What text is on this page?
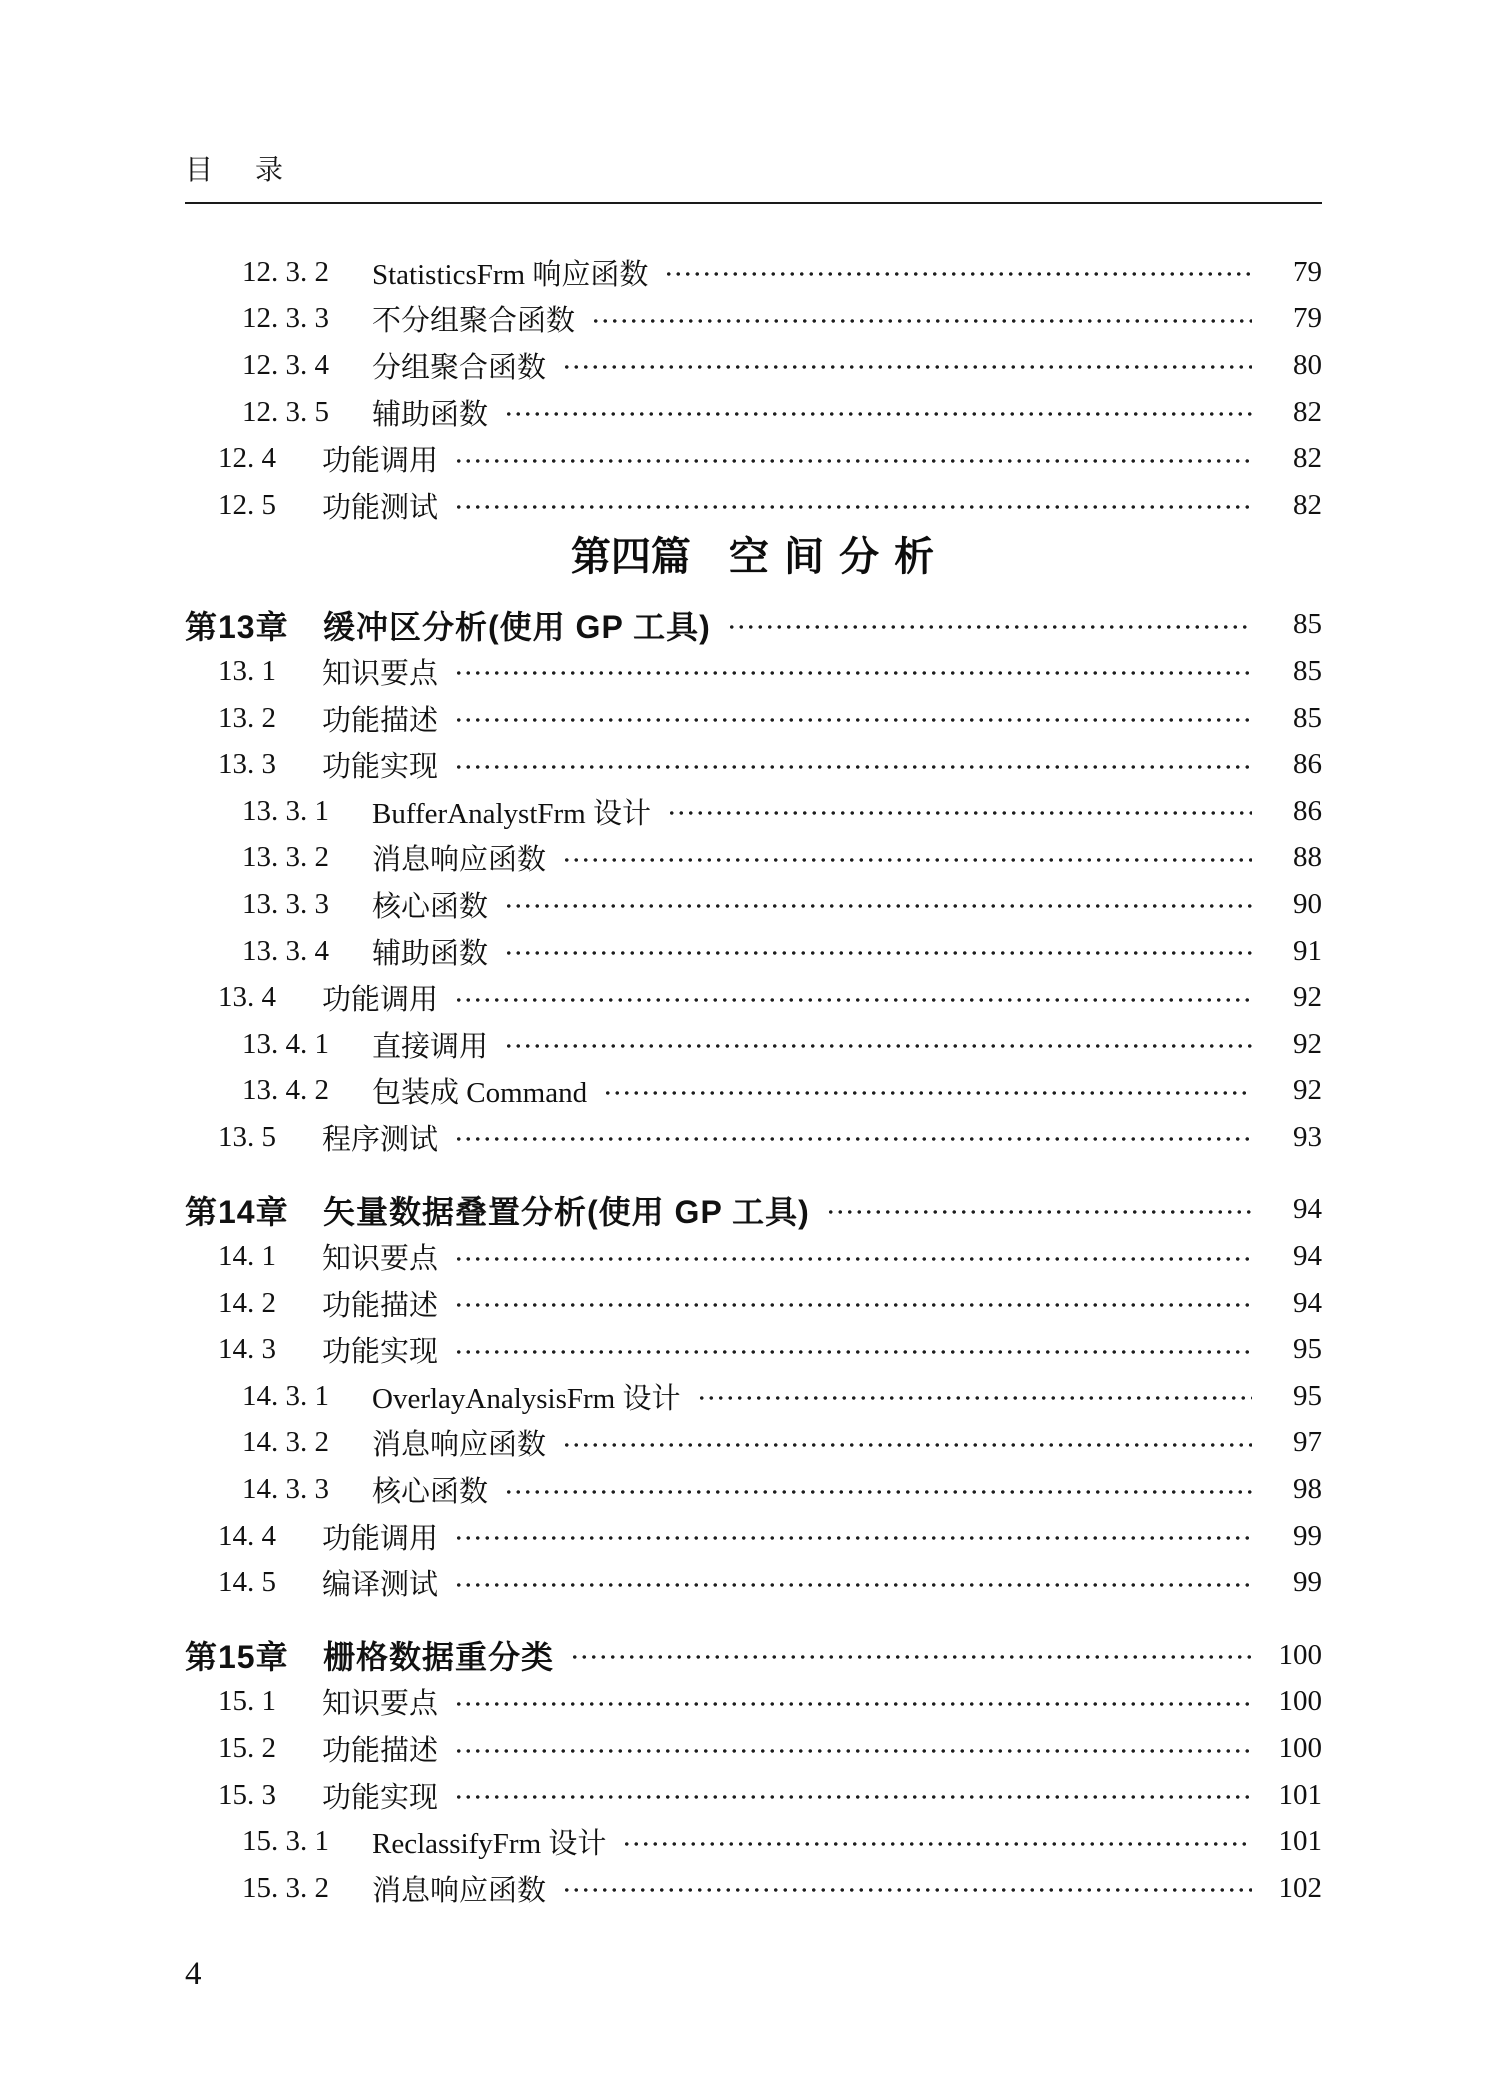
目 录
12. 3. 2	StatisticsFrm 响应函数	79
12. 3. 3	不分组聚合函数	79
12. 3. 4	分组聚合函数	80
12. 3. 5	辅助函数	82
12. 4	功能调用	82
12. 5	功能测试	82
第四篇 空 间 分 析
第13章	缓冲区分析(使用 GP 工具)	85
13. 1	知识要点	85
13. 2	功能描述	85
13. 3	功能实现	86
13. 3. 1	BufferAnalystFrm 设计	86
13. 3. 2	消息响应函数	88
13. 3. 3	核心函数	90
13. 3. 4	辅助函数	91
13. 4	功能调用	92
13. 4. 1	直接调用	92
13. 4. 2	包装成 Command	92
13. 5	程序测试	93
第14章	矢量数据叠置分析(使用 GP 工具)	94
14. 1	知识要点	94
14. 2	功能描述	94
14. 3	功能实现	95
14. 3. 1	OverlayAnalysisFrm 设计	95
14. 3. 2	消息响应函数	97
14. 3. 3	核心函数	98
14. 4	功能调用	99
14. 5	编译测试	99
第15章	栅格数据重分类	100
15. 1	知识要点	100
15. 2	功能描述	100
15. 3	功能实现	101
15. 3. 1	ReclassifyFrm 设计	101
15. 3. 2	消息响应函数	102
4
